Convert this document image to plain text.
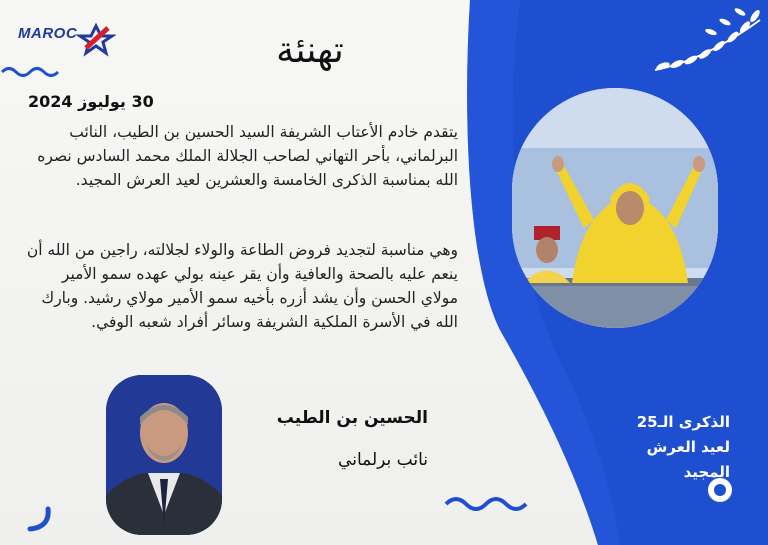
MAROC	تهنئة
30 يوليوز 2024
يتقدم خادم الأعتاب الشريفة السيد الحسين بن الطيب، النائب البرلماني، بأحر التهاني لصاحب الجلالة الملك محمد السادس نصره الله بمناسبة الذكرى الخامسة والعشرين لعيد العرش المجيد.
وهي مناسبة لتجديد فروض الطاعة والولاء لجلالته، راجين من الله أن ينعم عليه بالصحة والعافية وأن يقر عينه بولي عهده سمو الأمير مولاي الحسن وأن يشد أزره بأخيه سمو الأمير مولاي رشيد. وبارك الله في الأسرة الملكية الشريفة وسائر أفراد شعبه الوفي.
الحسين بن الطيب
نائب برلماني
الذكرى الـ25
لعيد العرش
المجيد
